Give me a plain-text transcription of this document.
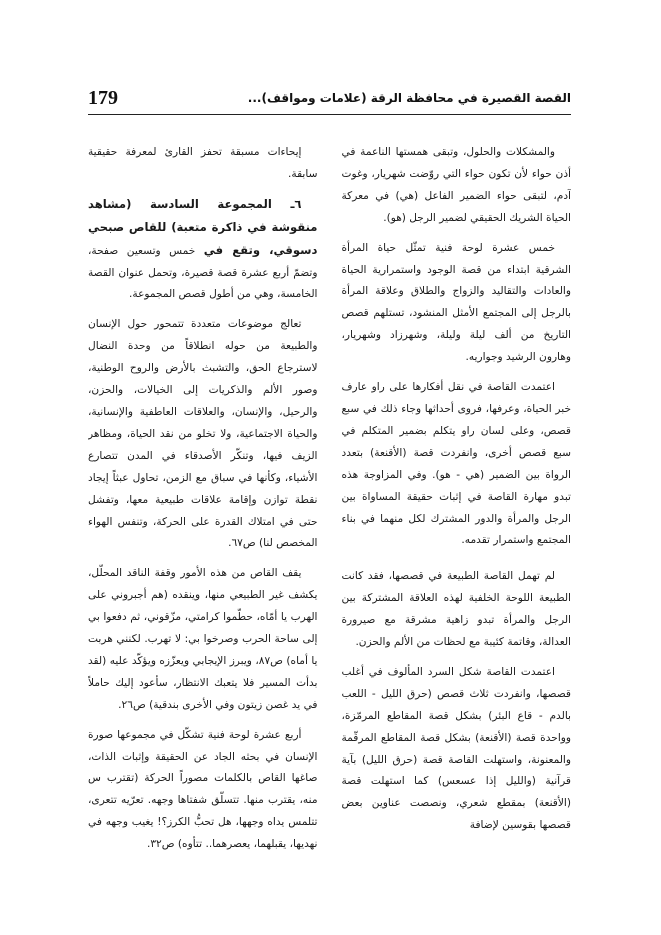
179	القصة القصيرة في محافظة الرقة (علامات ومواقف)...

والمشكلات والحلول، وتبقى همستها الناعمة في أذن حواء لأن تكون حواء التي روّضت شهريار، وغوت آدم، لتبقى حواء الضمير الفاعل (هي) في معركة الحياة الشريك الحقيقي لضمير الرجل (هو).

خمس عشرة لوحة فنية تمثّل حياة المرأة الشرقية ابتداء من قصة الوجود واستمرارية الحياة والعادات والتقاليد والزواج والطلاق وعلاقة المرأة بالرجل إلى المجتمع الأمثل المنشود، تستلهم قصص التاريخ من ألف ليلة وليلة، وشهرزاد وشهريار، وهارون الرشيد وجواريه.

اعتمدت القاصة في نقل أفكارها على راو عارف خبر الحياة، وعرفها، فروى أحداثها وجاء ذلك في سبع قصص، وعلى لسان راو يتكلم بضمير المتكلم في سبع قصص أخرى، وانفردت قصة (الأقنعة) بتعدد الرواة بين الضمير (هي - هو). وفي المزاوجة هذه تبدو مهارة القاصة في إثبات حقيقة المساواة بين الرجل والمرأة والدور المشترك لكل منهما في بناء المجتمع واستمرار تقدمه.

لم تهمل القاصة الطبيعة في قصصها، فقد كانت الطبيعة اللوحة الخلفية لهذه العلاقة المشتركة بين الرجل والمرأة تبدو زاهية مشرقة مع صيرورة العدالة، وقاتمة كئيبة مع لحظات من الألم والحزن.

اعتمدت القاصة شكل السرد المألوف في أغلب قصصها، وانفردت ثلاث قصص (حرق الليل - اللعب بالدم - قاع البئر) بشكل قصة المقاطع المرمّزة، وواحدة قصة (الأقنعة) بشكل قصة المقاطع المرقّمة والمعنونة، واستهلت القاصة قصة (حرق الليل) بآية قرآنية (والليل إذا عسعس) كما استهلت قصة (الأقنعة) بمقطع شعري، ونصصت عناوين بعض قصصها بقوسين لإضافة

إيحاءات مسبقة تحفز القارئ لمعرفة حقيقية سابقة.

٦ـ المجموعة السادسة (مشاهد منقوشة في ذاكرة متعبة) للقاص صبحي دسوقي، وتقع في خمس وتسعين صفحة، وتضمّ أربع عشرة قصة قصيرة، وتحمل عنوان القصة الخامسة، وهي من أطول قصص المجموعة.

تعالج موضوعات متعددة تتمحور حول الإنسان والطبيعة من حوله انطلاقاً من وحدة النضال لاسترجاع الحق، والتشبث بالأرض والروح الوطنية، وصور الألم والذكريات إلى الخيالات، والحزن، والرحيل، والإنسان، والعلاقات العاطفية والإنسانية، والحياة الاجتماعية، ولا تخلو من نقد الحياة، ومظاهر الزيف فيها، وتنكّر الأصدقاء في المدن تتصارع الأشياء، وكأنها في سباق مع الزمن، تحاول عبثاً إيجاد نقطة توازن وإقامة علاقات طبيعية معها، وتفشل حتى في امتلاك القدرة على الحركة، وتنفس الهواء المخصص لنا) ص٦٧.

يقف القاص من هذه الأمور وقفة الناقد المحلّل، يكشف غير الطبيعي منها، وينقده (هم أجبروني على الهرب يا أمّاه، حطّموا كرامتي، مزّقوني، ثم دفعوا بي إلى ساحة الحرب وصرخوا بي: لا تهرب. لكنني هربت يا أماه) ص٨٧، ويبرز الإيجابي ويعزّزه ويؤكّد عليه (لقد بدأت المسير فلا يتعبك الانتظار، سأعود إليك حاملاً في يد غصن زيتون وفي الأخرى بندقية) ص٢٦.

أربع عشرة لوحة فنية تشكّل في مجموعها صورة الإنسان في بحثه الجاد عن الحقيقة وإثبات الذات، صاغها القاص بالكلمات مصوراً الحركة (تقترب س منه، يقترب منها. تتسلّق شفتاها وجهه. تعرّيه تتعرى، تتلمس يداه وجهها، هل تحبُّ الكرز؟! يغيب وجهه في نهديها، يقبلهما، يعصرهما.. تتأوه) ص٣٢.
